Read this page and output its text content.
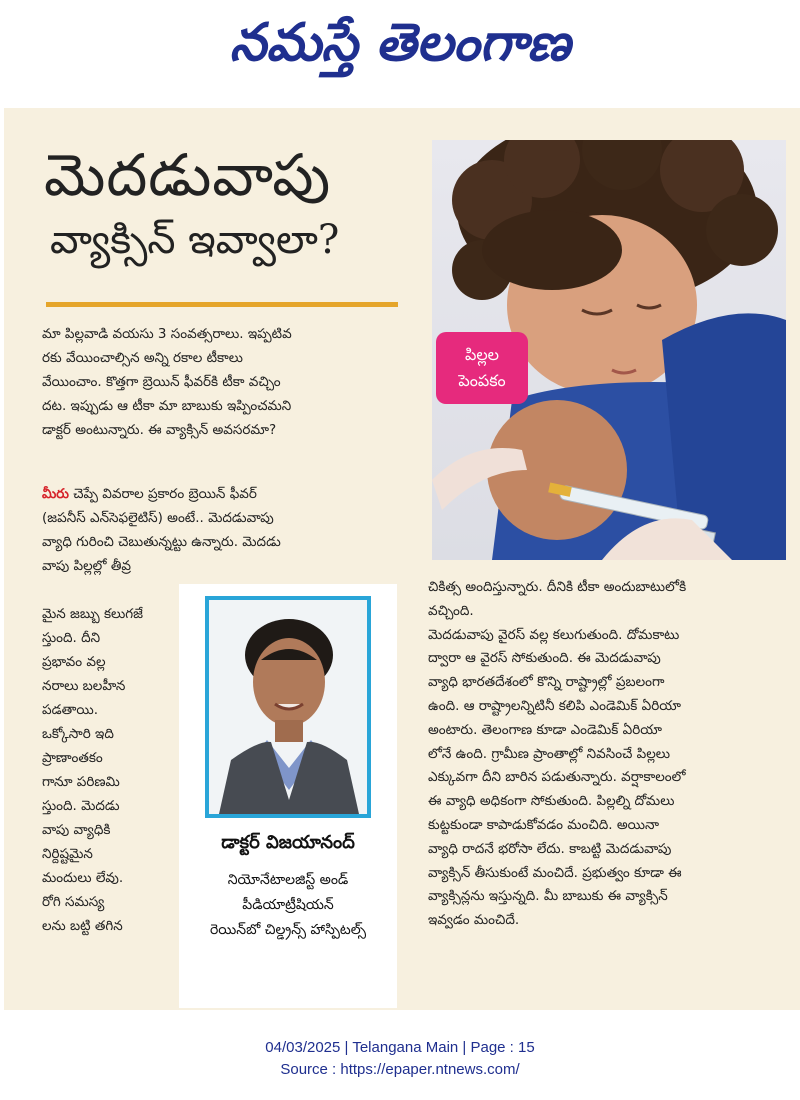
నమస్తే తెలంగాణ
మెదడువాపు
వ్యాక్సిన్ ఇవ్వాలా?
మా పిల్లవాడి వయసు 3 సంవత్సరాలు. ఇప్పటివ
రకు వేయించాల్సిన అన్ని రకాల టీకాలు
వేయించాం. కొత్తగా బ్రెయిన్ ఫీవర్‌కి టీకా వచ్చిం
దట. ఇప్పుడు ఆ టీకా మా బాబుకు ఇప్పించమని
డాక్టర్ అంటున్నారు. ఈ వ్యాక్సిన్ అవసరమా?
మీరు చెప్పే వివరాల ప్రకారం బ్రెయిన్ ఫీవర్
(జపనీస్ ఎన్‌సెఫలైటిస్) అంటే.. మెదడువాపు
వ్యాధి గురించి చెబుతున్నట్టు ఉన్నారు. మెదడు
వాపు పిల్లల్లో తీవ్ర
మైన జబ్బు కలుగజే
స్తుంది. దీని
ప్రభావం వల్ల
నరాలు బలహీన
పడతాయి.
ఒక్కోసారి ఇది
ప్రాణాంతకం
గానూ పరిణమి
స్తుంది. మెదడు
వాపు వ్యాధికి
నిర్దిష్టమైన
మందులు లేవు.
రోగి సమస్య
లను బట్టి తగిన
పిల్లల
పెంపకం
డాక్టర్ విజయానంద్
నియోనేటాలజిస్ట్ అండ్
పీడియాట్రీషియన్
రెయిన్‌బో చిల్డ్రన్స్ హాస్పిటల్స్
చికిత్స అందిస్తున్నారు. దీనికి టీకా అందుబాటులోకి
వచ్చింది.
మెదడువాపు వైరస్ వల్ల కలుగుతుంది. దోమకాటు
ద్వారా ఆ వైరస్ సోకుతుంది. ఈ మెదడువాపు
వ్యాధి భారతదేశంలో కొన్ని రాష్ట్రాల్లో ప్రబలంగా
ఉంది. ఆ రాష్ట్రాలన్నిటినీ కలిపి ఎండెమిక్ ఏరియా
అంటారు. తెలంగాణ కూడా ఎండెమిక్ ఏరియా
లోనే ఉంది. గ్రామీణ ప్రాంతాల్లో నివసించే పిల్లలు
ఎక్కువగా దీని బారిన పడుతున్నారు. వర్షాకాలంలో
ఈ వ్యాధి అధికంగా సోకుతుంది. పిల్లల్ని దోమలు
కుట్టకుండా కాపాడుకోవడం మంచిది. అయినా
వ్యాధి రాదనే భరోసా లేదు. కాబట్టి మెదడువాపు
వ్యాక్సిన్ తీసుకుంటే మంచిదే. ప్రభుత్వం కూడా ఈ
వ్యాక్సిన్లను ఇస్తున్నది. మీ బాబుకు ఈ వ్యాక్సిన్
ఇవ్వడం మంచిదే.
04/03/2025 | Telangana Main | Page : 15
Source : https://epaper.ntnews.com/
